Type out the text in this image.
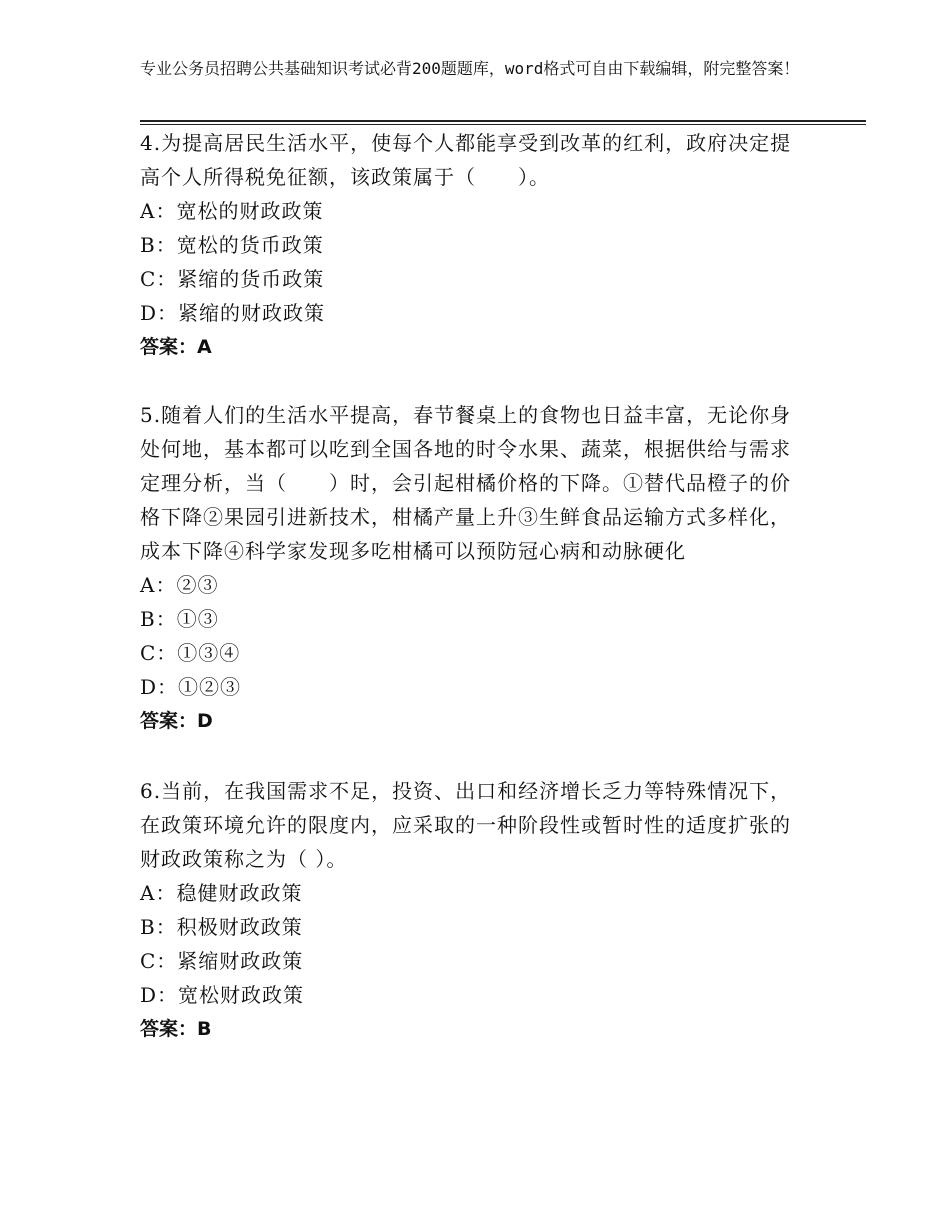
专业公务员招聘公共基础知识考试必背200题题库，word格式可自由下载编辑，附完整答案！

4.为提高居民生活水平，使每个人都能享受到改革的红利，政府决定提高个人所得税免征额，该政策属于（　　）。

A：宽松的财政政策

B：宽松的货币政策

C：紧缩的货币政策

D：紧缩的财政政策

答案：A

5.随着人们的生活水平提高，春节餐桌上的食物也日益丰富，无论你身处何地，基本都可以吃到全国各地的时令水果、蔬菜，根据供给与需求定理分析，当（　　）时，会引起柑橘价格的下降。①替代品橙子的价格下降②果园引进新技术，柑橘产量上升③生鲜食品运输方式多样化，成本下降④科学家发现多吃柑橘可以预防冠心病和动脉硬化

A：②③

B：①③

C：①③④

D：①②③

答案：D

6.当前，在我国需求不足，投资、出口和经济增长乏力等特殊情况下，在政策环境允许的限度内，应采取的一种阶段性或暂时性的适度扩张的财政政策称之为（ ）。

A：稳健财政政策

B：积极财政政策

C：紧缩财政政策

D：宽松财政政策

答案：B
